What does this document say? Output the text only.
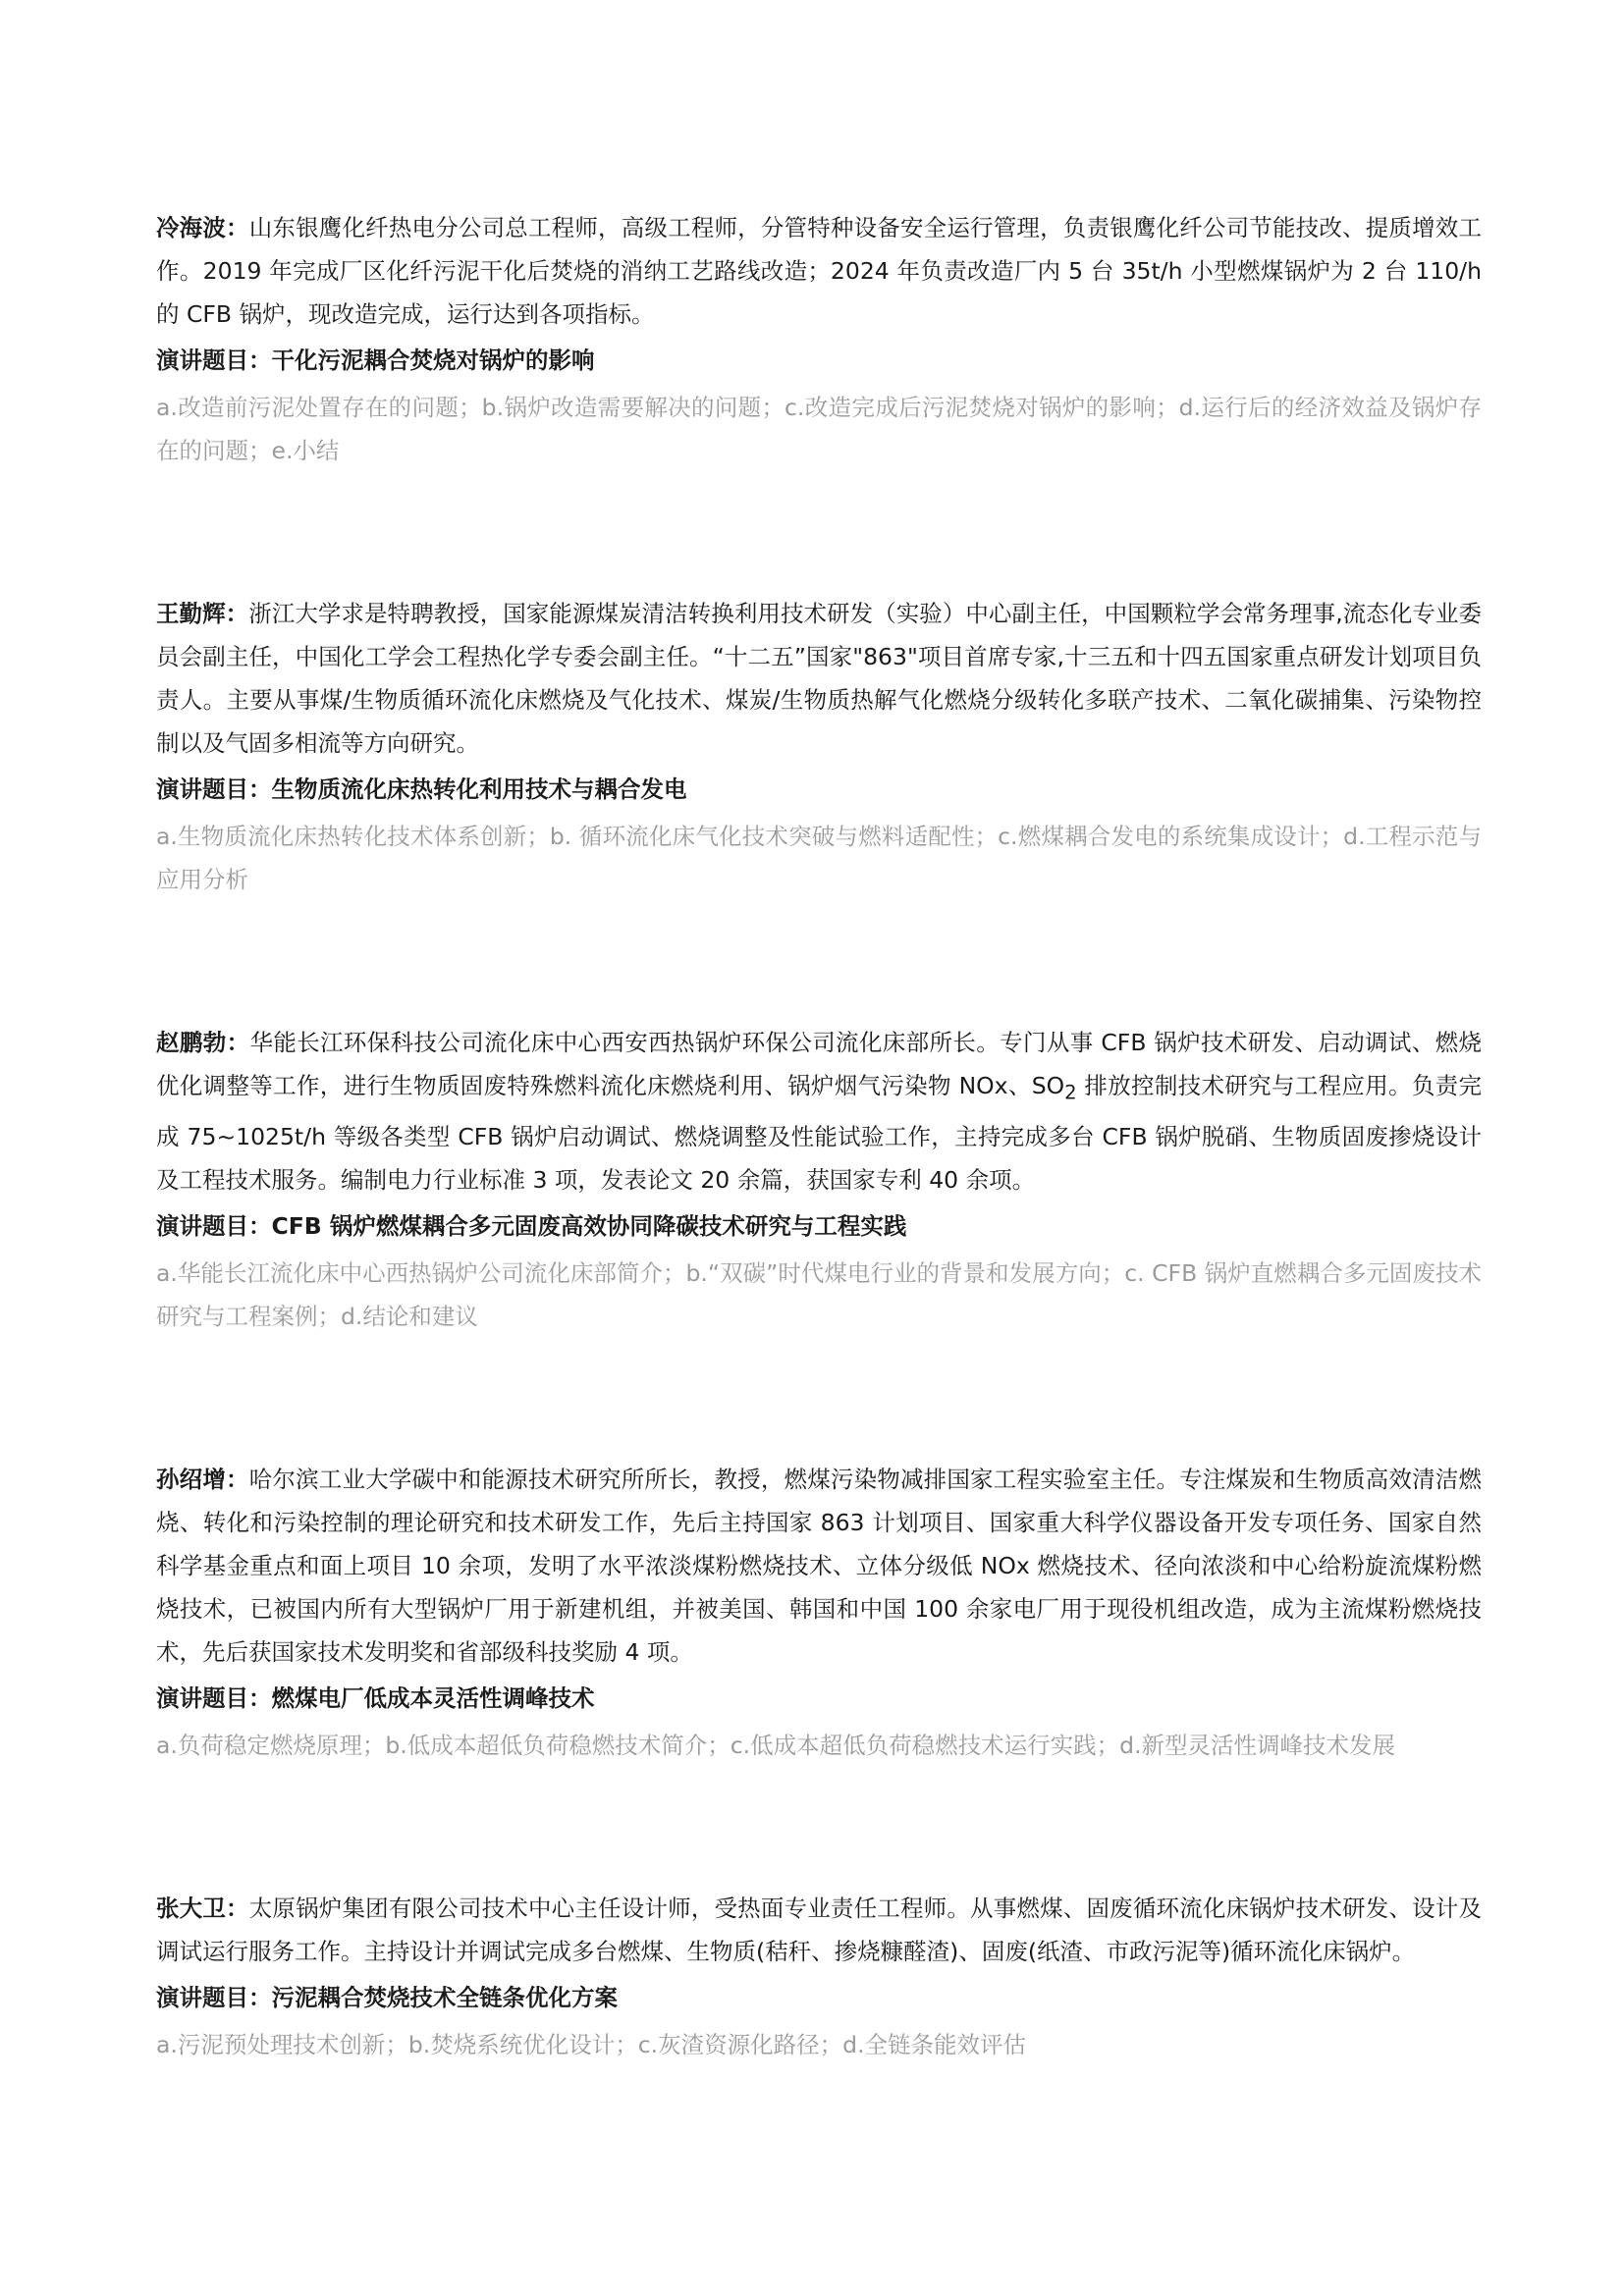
冷海波：山东银鹰化纤热电分公司总工程师，高级工程师，分管特种设备安全运行管理，负责银鹰化纤公司节能技改、提质增效工作。2019 年完成厂区化纤污泥干化后焚烧的消纳工艺路线改造；2024 年负责改造厂内 5 台 35t/h 小型燃煤锅炉为 2 台 110/h 的 CFB 锅炉，现改造完成，运行达到各项指标。

演讲题目：干化污泥耦合焚烧对锅炉的影响

a.改造前污泥处置存在的问题；b.锅炉改造需要解决的问题；c.改造完成后污泥焚烧对锅炉的影响；d.运行后的经济效益及锅炉存在的问题；e.小结

王勤辉：浙江大学求是特聘教授，国家能源煤炭清洁转换利用技术研发（实验）中心副主任，中国颗粒学会常务理事,流态化专业委员会副主任，中国化工学会工程热化学专委会副主任。“十二五”国家"863"项目首席专家,十三五和十四五国家重点研发计划项目负责人。主要从事煤/生物质循环流化床燃烧及气化技术、煤炭/生物质热解气化燃烧分级转化多联产技术、二氧化碳捕集、污染物控制以及气固多相流等方向研究。

演讲题目：生物质流化床热转化利用技术与耦合发电

a.生物质流化床热转化技术体系创新；b. 循环流化床气化技术突破与燃料适配性；c.燃煤耦合发电的系统集成设计；d.工程示范与应用分析

赵鹏勃：华能长江环保科技公司流化床中心西安西热锅炉环保公司流化床部所长。专门从事 CFB 锅炉技术研发、启动调试、燃烧优化调整等工作，进行生物质固废特殊燃料流化床燃烧利用、锅炉烟气污染物 NOx、$SO_2$ 排放控制技术研究与工程应用。负责完成 75~1025t/h 等级各类型 CFB 锅炉启动调试、燃烧调整及性能试验工作，主持完成多台 CFB 锅炉脱硝、生物质固废掺烧设计及工程技术服务。编制电力行业标准 3 项，发表论文 20 余篇，获国家专利 40 余项。

演讲题目：CFB 锅炉燃煤耦合多元固废高效协同降碳技术研究与工程实践

a.华能长江流化床中心西热锅炉公司流化床部简介；b.“双碳”时代煤电行业的背景和发展方向；c. CFB 锅炉直燃耦合多元固废技术研究与工程案例；d.结论和建议

孙绍增：哈尔滨工业大学碳中和能源技术研究所所长，教授，燃煤污染物减排国家工程实验室主任。专注煤炭和生物质高效清洁燃烧、转化和污染控制的理论研究和技术研发工作，先后主持国家 863 计划项目、国家重大科学仪器设备开发专项任务、国家自然科学基金重点和面上项目 10 余项，发明了水平浓淡煤粉燃烧技术、立体分级低 NOx 燃烧技术、径向浓淡和中心给粉旋流煤粉燃烧技术，已被国内所有大型锅炉厂用于新建机组，并被美国、韩国和中国 100 余家电厂用于现役机组改造，成为主流煤粉燃烧技术，先后获国家技术发明奖和省部级科技奖励 4 项。

演讲题目：燃煤电厂低成本灵活性调峰技术

a.负荷稳定燃烧原理；b.低成本超低负荷稳燃技术简介；c.低成本超低负荷稳燃技术运行实践；d.新型灵活性调峰技术发展

张大卫：太原锅炉集团有限公司技术中心主任设计师，受热面专业责任工程师。从事燃煤、固废循环流化床锅炉技术研发、设计及调试运行服务工作。主持设计并调试完成多台燃煤、生物质(秸秆、掺烧糠醛渣)、固废(纸渣、市政污泥等)循环流化床锅炉。

演讲题目：污泥耦合焚烧技术全链条优化方案

a.污泥预处理技术创新；b.焚烧系统优化设计；c.灰渣资源化路径；d.全链条能效评估
